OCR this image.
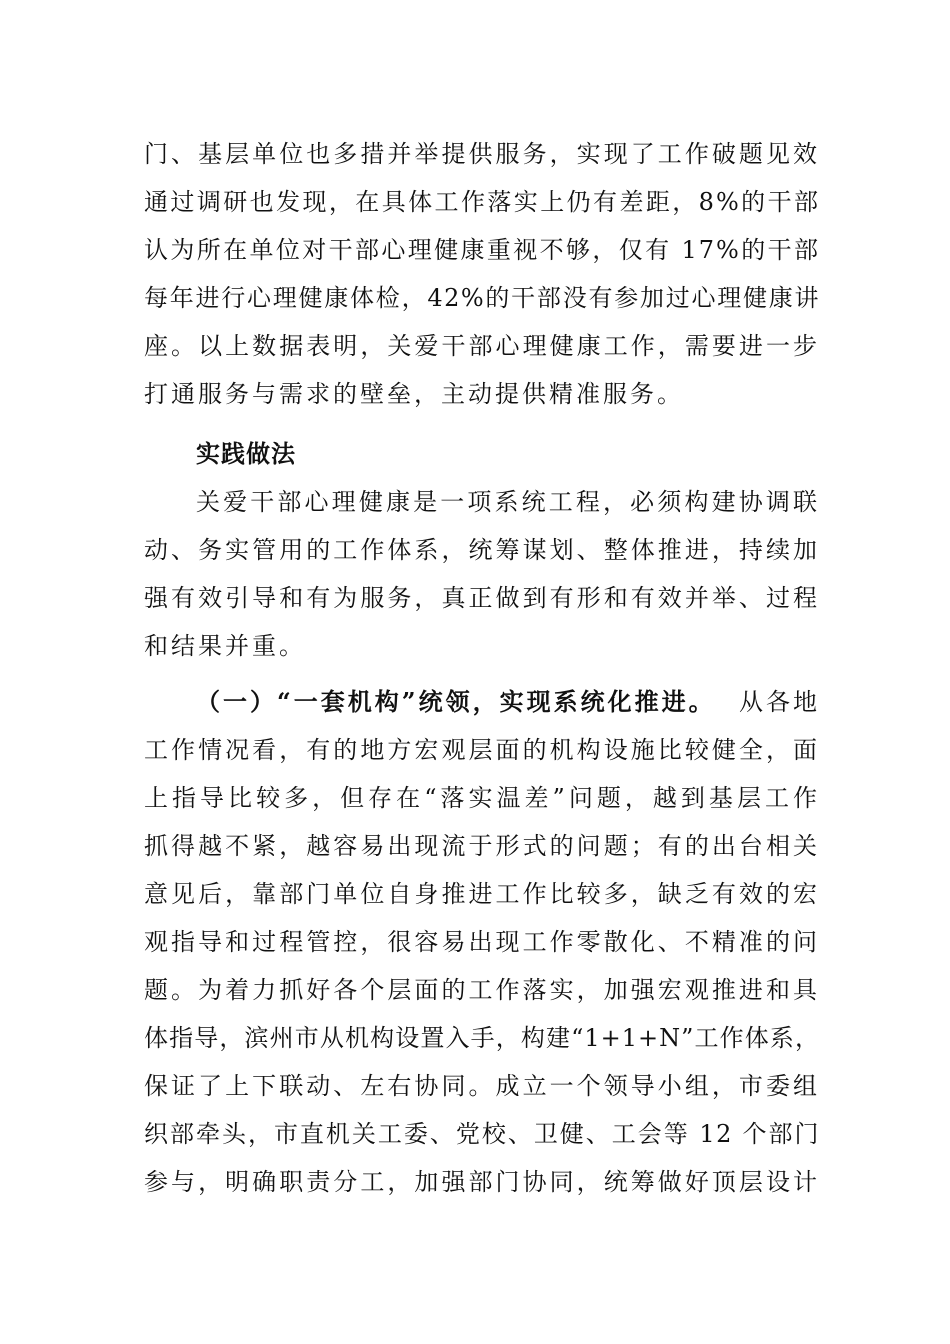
门、基层单位也多措并举提供服务，实现了工作破题见效
通过调研也发现，在具体工作落实上仍有差距，8%的干部
认为所在单位对干部心理健康重视不够，仅有 17%的干部
每年进行心理健康体检，42%的干部没有参加过心理健康讲
座。以上数据表明，关爱干部心理健康工作，需要进一步
打通服务与需求的壁垒，主动提供精准服务。
实践做法
关爱干部心理健康是一项系统工程，必须构建协调联
动、务实管用的工作体系，统筹谋划、整体推进，持续加
强有效引导和有为服务，真正做到有形和有效并举、过程
和结果并重。
（一）“一套机构”统领，实现系统化推进。 从各地
工作情况看，有的地方宏观层面的机构设施比较健全，面
上指导比较多，但存在“落实温差”问题，越到基层工作
抓得越不紧，越容易出现流于形式的问题；有的出台相关
意见后，靠部门单位自身推进工作比较多，缺乏有效的宏
观指导和过程管控，很容易出现工作零散化、不精准的问
题。为着力抓好各个层面的工作落实，加强宏观推进和具
体指导，滨州市从机构设置入手，构建“1+1+N”工作体系，
保证了上下联动、左右协同。成立一个领导小组，市委组
织部牵头，市直机关工委、党校、卫健、工会等 12 个部门
参与，明确职责分工，加强部门协同，统筹做好顶层设计
